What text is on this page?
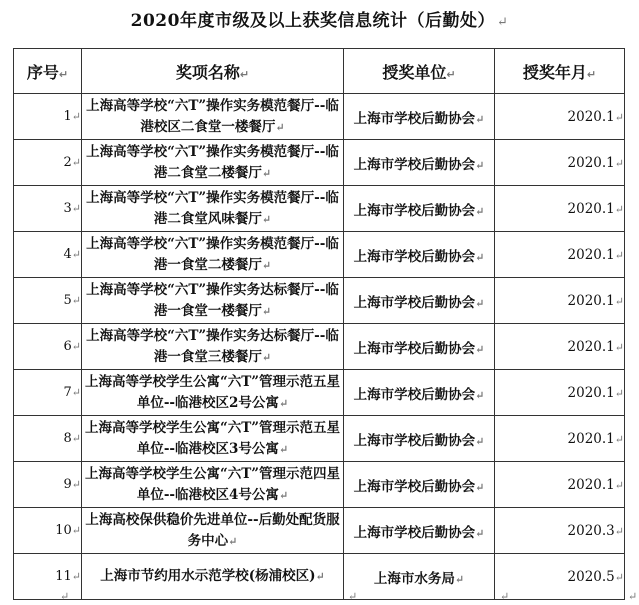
2020年度市级及以上获奖信息统计（后勤处） ↵
序号↵	奖项名称↵	授奖单位↵	授奖年月↵
1↵	上海高等学校“六T”操作实务模范餐厅--临港校区二食堂一楼餐厅↵	上海市学校后勤协会↵	2020.1↵
2↵	上海高等学校“六T”操作实务模范餐厅--临港二食堂二楼餐厅↵	上海市学校后勤协会↵	2020.1↵
3↵	上海高等学校“六T”操作实务模范餐厅--临港二食堂风味餐厅↵	上海市学校后勤协会↵	2020.1↵
4↵	上海高等学校“六T”操作实务模范餐厅--临港一食堂二楼餐厅↵	上海市学校后勤协会↵	2020.1↵
5↵	上海高等学校“六T”操作实务达标餐厅--临港一食堂一楼餐厅↵	上海市学校后勤协会↵	2020.1↵
6↵	上海高等学校“六T”操作实务达标餐厅--临港一食堂三楼餐厅↵	上海市学校后勤协会↵	2020.1↵
7↵	上海高等学校学生公寓“六T”管理示范五星单位--临港校区2号公寓↵	上海市学校后勤协会↵	2020.1↵
8↵	上海高等学校学生公寓“六T”管理示范五星单位--临港校区3号公寓↵	上海市学校后勤协会↵	2020.1↵
9↵	上海高等学校学生公寓“六T”管理示范四星单位--临港校区4号公寓↵	上海市学校后勤协会↵	2020.1↵
10↵	上海高校保供稳价先进单位--后勤处配货服务中心↵	上海市学校后勤协会↵	2020.3↵
11↵	上海市节约用水示范学校(杨浦校区)↵	上海市水务局↵	2020.5↵
↵	↵	↵	↵
